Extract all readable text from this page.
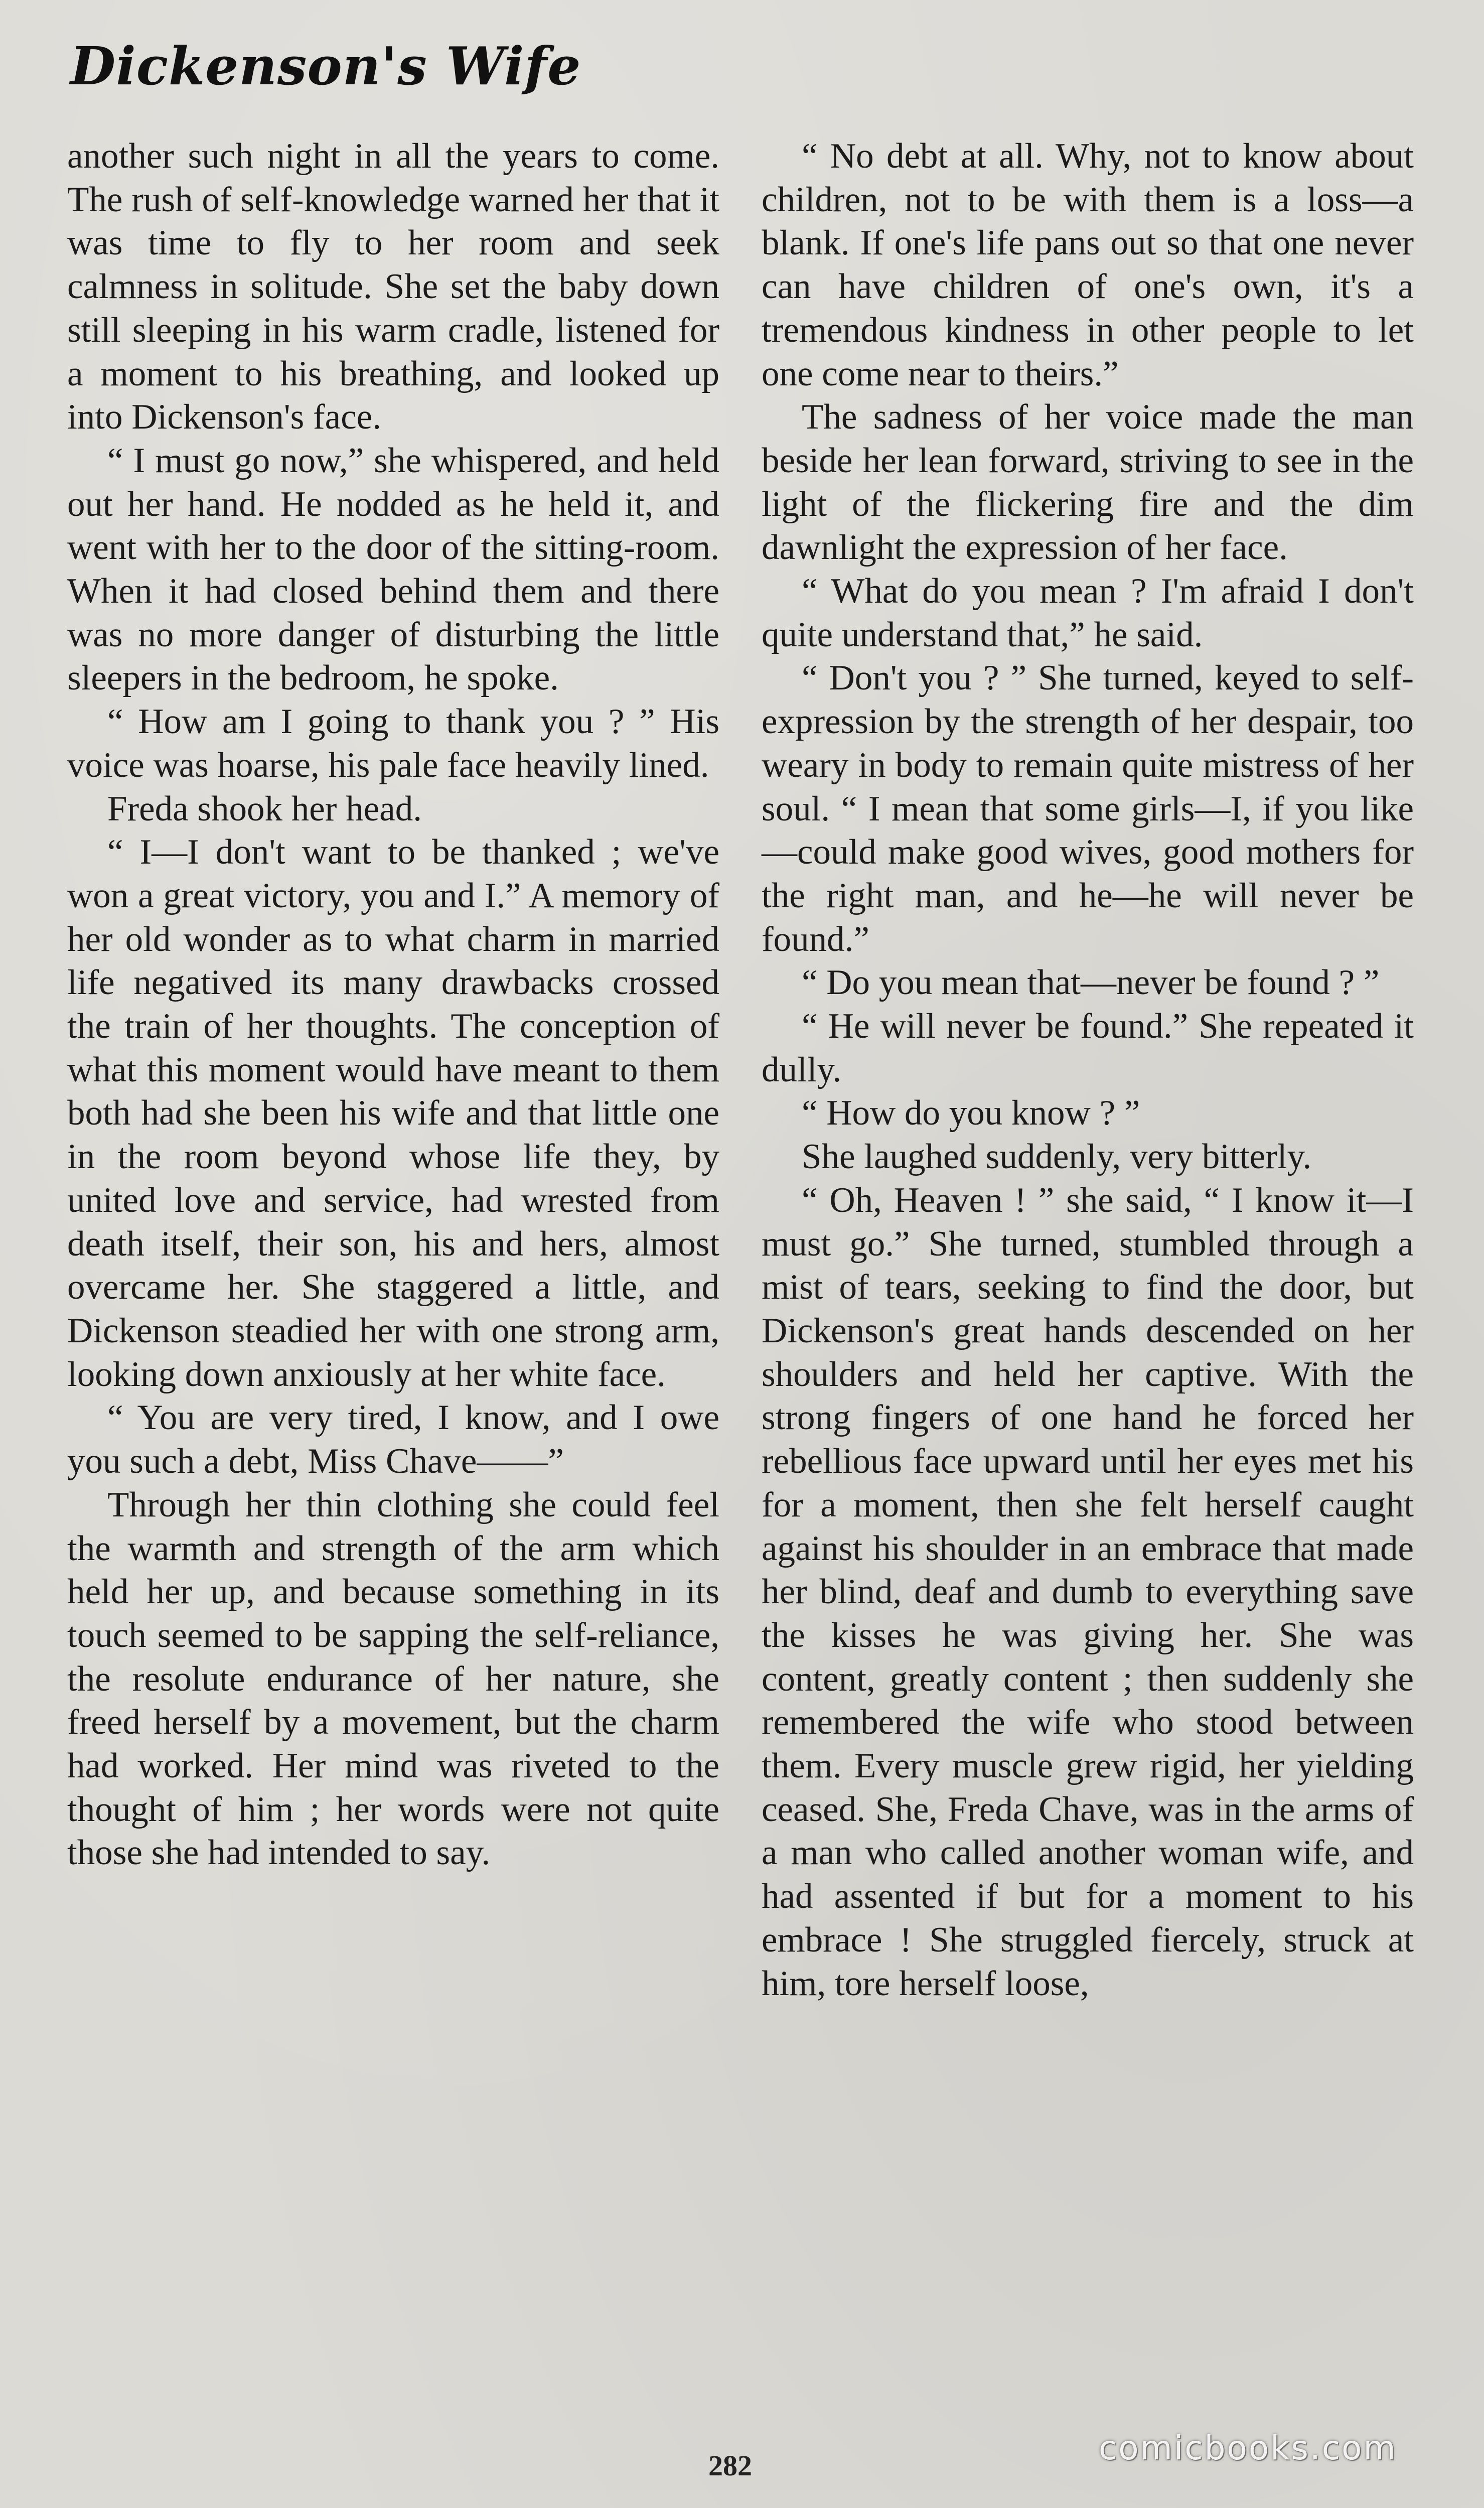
Dickenson's Wife

another such night in all the years to come. The rush of self-knowledge warned her that it was time to fly to her room and seek calmness in solitude. She set the baby down still sleeping in his warm cradle, listened for a moment to his breathing, and looked up into Dickenson's face.

“ I must go now,” she whispered, and held out her hand. He nodded as he held it, and went with her to the door of the sitting-room. When it had closed behind them and there was no more danger of disturbing the little sleepers in the bedroom, he spoke.

“ How am I going to thank you ? ” His voice was hoarse, his pale face heavily lined.

Freda shook her head.

“ I—I don't want to be thanked ; we've won a great victory, you and I.” A memory of her old wonder as to what charm in married life negatived its many drawbacks crossed the train of her thoughts. The conception of what this moment would have meant to them both had she been his wife and that little one in the room beyond whose life they, by united love and service, had wrested from death itself, their son, his and hers, almost overcame her. She staggered a little, and Dickenson steadied her with one strong arm, looking down anxiously at her white face.

“ You are very tired, I know, and I owe you such a debt, Miss Chave——”

Through her thin clothing she could feel the warmth and strength of the arm which held her up, and because something in its touch seemed to be sapping the self-reliance, the resolute endurance of her nature, she freed herself by a movement, but the charm had worked. Her mind was riveted to the thought of him ; her words were not quite those she had intended to say.

“ No debt at all. Why, not to know about children, not to be with them is a loss—a blank. If one's life pans out so that one never can have children of one's own, it's a tremendous kindness in other people to let one come near to theirs.”

The sadness of her voice made the man beside her lean forward, striving to see in the light of the flickering fire and the dim dawnlight the expression of her face.

“ What do you mean ? I'm afraid I don't quite understand that,” he said.

“ Don't you ? ” She turned, keyed to self-expression by the strength of her despair, too weary in body to remain quite mistress of her soul. “ I mean that some girls—I, if you like—could make good wives, good mothers for the right man, and he—he will never be found.”

“ Do you mean that—never be found ? ”

“ He will never be found.” She repeated it dully.

“ How do you know ? ”

She laughed suddenly, very bitterly.

“ Oh, Heaven ! ” she said, “ I know it—I must go.” She turned, stumbled through a mist of tears, seeking to find the door, but Dickenson's great hands descended on her shoulders and held her captive. With the strong fingers of one hand he forced her rebellious face upward until her eyes met his for a moment, then she felt herself caught against his shoulder in an embrace that made her blind, deaf and dumb to everything save the kisses he was giving her. She was content, greatly content ; then suddenly she remembered the wife who stood between them. Every muscle grew rigid, her yielding ceased. She, Freda Chave, was in the arms of a man who called another woman wife, and had assented if but for a moment to his embrace ! She struggled fiercely, struck at him, tore herself loose,

282	comicbooks.com
